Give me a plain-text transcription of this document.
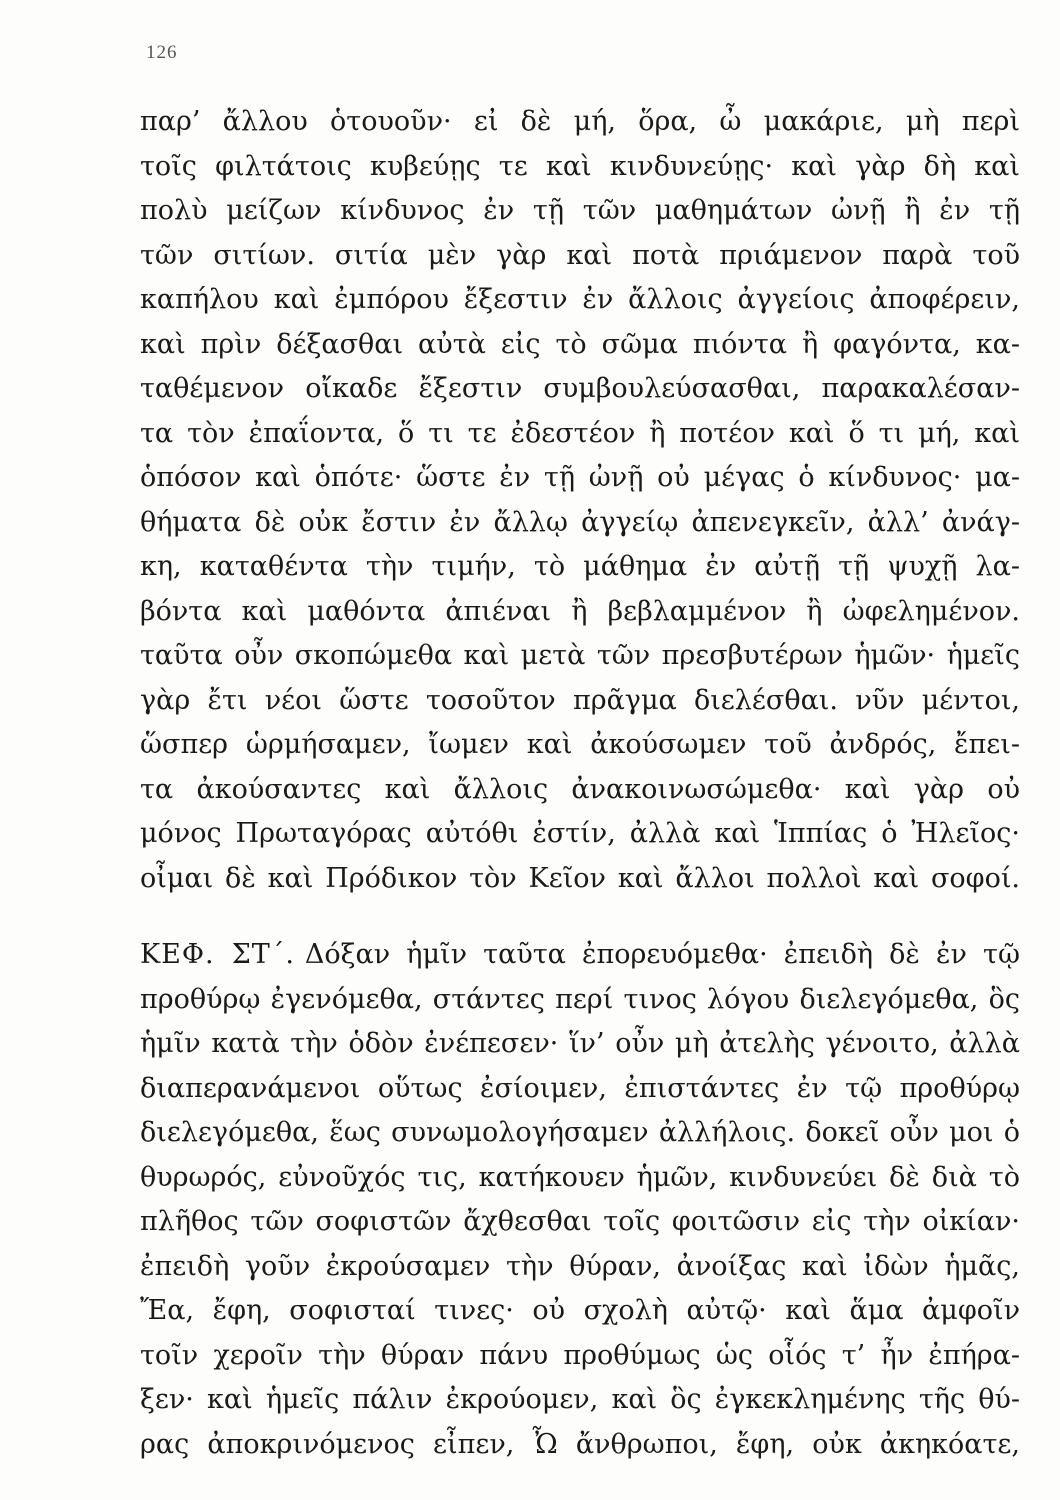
126
παρ’ ἄλλου ὁτουοῦν· εἰ δὲ μή, ὅρα, ὦ μακάριε, μὴ περὶ
τοῖς φιλτάτοις κυβεύῃς τε καὶ κινδυνεύῃς· καὶ γὰρ δὴ καὶ
πολὺ μείζων κίνδυνος ἐν τῇ τῶν μαθημάτων ὠνῇ ἢ ἐν τῇ
τῶν σιτίων. σιτία μὲν γὰρ καὶ ποτὰ πριάμενον παρὰ τοῦ
καπήλου καὶ ἐμπόρου ἔξεστιν ἐν ἄλλοις ἀγγείοις ἀποφέρειν,
καὶ πρὶν δέξασθαι αὐτὰ εἰς τὸ σῶμα πιόντα ἢ φαγόντα, κα-
ταθέμενον οἴκαδε ἔξεστιν συμβουλεύσασθαι, παρακαλέσαν-
τα τὸν ἐπαΐοντα, ὅ τι τε ἐδεστέον ἢ ποτέον καὶ ὅ τι μή, καὶ
ὁπόσον καὶ ὁπότε· ὥστε ἐν τῇ ὠνῇ οὐ μέγας ὁ κίνδυνος· μα-
θήματα δὲ οὐκ ἔστιν ἐν ἄλλῳ ἀγγείῳ ἀπενεγκεῖν, ἀλλ’ ἀνάγ-
κη, καταθέντα τὴν τιμήν, τὸ μάθημα ἐν αὐτῇ τῇ ψυχῇ λα-
βόντα καὶ μαθόντα ἀπιέναι ἢ βεβλαμμένον ἢ ὠφελημένον.
ταῦτα οὖν σκοπώμεθα καὶ μετὰ τῶν πρεσβυτέρων ἡμῶν· ἡμεῖς
γὰρ ἔτι νέοι ὥστε τοσοῦτον πρᾶγμα διελέσθαι. νῦν μέντοι,
ὥσπερ ὡρμήσαμεν, ἴωμεν καὶ ἀκούσωμεν τοῦ ἀνδρός, ἔπει-
τα ἀκούσαντες καὶ ἄλλοις ἀνακοινωσώμεθα· καὶ γὰρ οὐ
μόνος Πρωταγόρας αὐτόθι ἐστίν, ἀλλὰ καὶ Ἱππίας ὁ Ἠλεῖος·
οἶμαι δὲ καὶ Πρόδικον τὸν Κεῖον καὶ ἄλλοι πολλοὶ καὶ σοφοί.
ΚΕΦ. ΣΤ΄. Δόξαν ἡμῖν ταῦτα ἐπορευόμεθα· ἐπειδὴ δὲ ἐν τῷ
προθύρῳ ἐγενόμεθα, στάντες περί τινος λόγου διελεγόμεθα, ὃς
ἡμῖν κατὰ τὴν ὁδὸν ἐνέπεσεν· ἵν’ οὖν μὴ ἀτελὴς γένοιτο, ἀλλὰ
διαπερανάμενοι οὕτως ἐσίοιμεν, ἐπιστάντες ἐν τῷ προθύρῳ
διελεγόμεθα, ἕως συνωμολογήσαμεν ἀλλήλοις. δοκεῖ οὖν μοι ὁ
θυρωρός, εὐνοῦχός τις, κατήκουεν ἡμῶν, κινδυνεύει δὲ διὰ τὸ
πλῆθος τῶν σοφιστῶν ἄχθεσθαι τοῖς φοιτῶσιν εἰς τὴν οἰκίαν·
ἐπειδὴ γοῦν ἐκρούσαμεν τὴν θύραν, ἀνοίξας καὶ ἰδὼν ἡμᾶς,
Ἔα, ἔφη, σοφισταί τινες· οὐ σχολὴ αὐτῷ· καὶ ἅμα ἀμφοῖν
τοῖν χεροῖν τὴν θύραν πάνυ προθύμως ὡς οἷός τ’ ἦν ἐπήρα-
ξεν· καὶ ἡμεῖς πάλιν ἐκρούομεν, καὶ ὃς ἐγκεκλημένης τῆς θύ-
ρας ἀποκρινόμενος εἶπεν, Ὦ ἄνθρωποι, ἔφη, οὐκ ἀκηκόατε,
